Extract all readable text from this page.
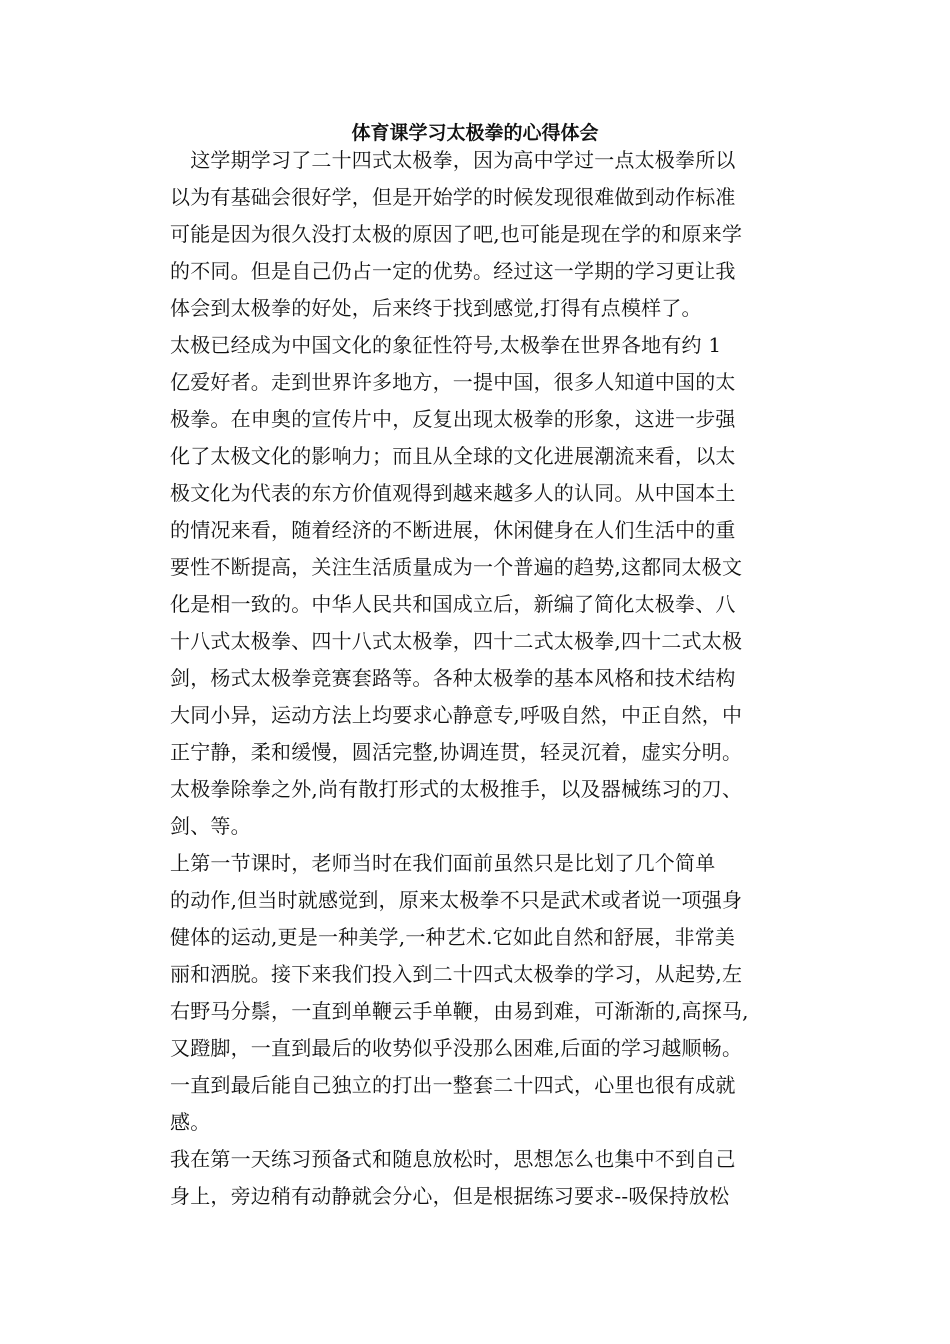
体育课学习太极拳的心得体会
　这学期学习了二十四式太极拳，因为高中学过一点太极拳所以
以为有基础会很好学，但是开始学的时候发现很难做到动作标准
可能是因为很久没打太极的原因了吧,也可能是现在学的和原来学
的不同。但是自己仍占一定的优势。经过这一学期的学习更让我
体会到太极拳的好处，后来终于找到感觉,打得有点模样了。
太极已经成为中国文化的象征性符号,太极拳在世界各地有约 1
亿爱好者。走到世界许多地方，一提中国，很多人知道中国的太
极拳。在申奥的宣传片中，反复出现太极拳的形象，这进一步强
化了太极文化的影响力；而且从全球的文化进展潮流来看，以太
极文化为代表的东方价值观得到越来越多人的认同。从中国本土
的情况来看，随着经济的不断进展，休闲健身在人们生活中的重
要性不断提高，关注生活质量成为一个普遍的趋势,这都同太极文
化是相一致的。中华人民共和国成立后，新编了简化太极拳、八
十八式太极拳、四十八式太极拳，四十二式太极拳,四十二式太极
剑，杨式太极拳竞赛套路等。各种太极拳的基本风格和技术结构
大同小异，运动方法上均要求心静意专,呼吸自然，中正自然，中
正宁静，柔和缓慢，圆活完整,协调连贯，轻灵沉着，虚实分明。
太极拳除拳之外,尚有散打形式的太极推手，以及器械练习的刀、
剑、等。
上第一节课时，老师当时在我们面前虽然只是比划了几个简单
的动作,但当时就感觉到，原来太极拳不只是武术或者说一项强身
健体的运动,更是一种美学,一种艺术.它如此自然和舒展，非常美
丽和洒脱。接下来我们投入到二十四式太极拳的学习，从起势,左
右野马分鬃，一直到单鞭云手单鞭，由易到难，可渐渐的,高探马,
又蹬脚，一直到最后的收势似乎没那么困难,后面的学习越顺畅。
一直到最后能自己独立的打出一整套二十四式，心里也很有成就
感。
我在第一天练习预备式和随息放松时，思想怎么也集中不到自己
身上，旁边稍有动静就会分心，但是根据练习要求--吸保持放松
